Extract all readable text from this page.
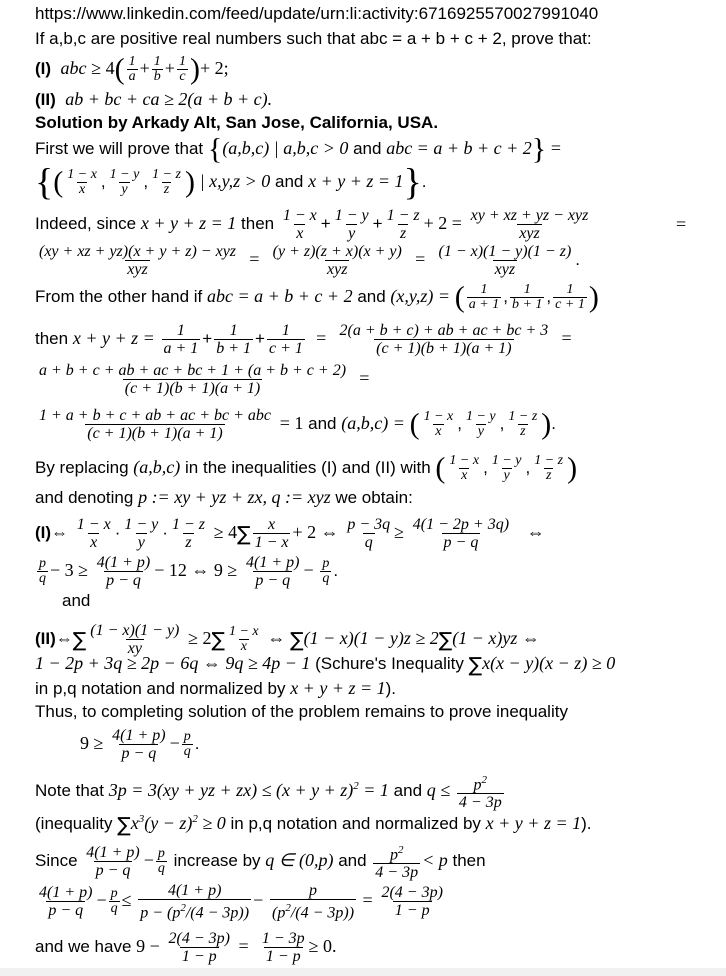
https://www.linkedin.com/feed/update/urn:li:activity:6716925570027991040
If a,b,c are positive real numbers such that abc = a + b + c + 2, prove that:
(I) abc ≥ $4( \frac{1}{a} + \frac{1}{b} + \frac{1}{c}$ )+ 2;
(II) ab + bc + ca ≥ 2(a + b + c).
Solution by Arkady Alt, San Jose, California, USA.
First we will prove that {(a,b,c) | a,b,c > 0 and abc = a + b + c + 2} =
{( $\frac{1 - x}{x}$ , $\frac{1 - y}{y}$ , $\frac{1 - z}{z}$ ) | x,y,z > 0 and x + y + z = 1}.
Indeed, since x + y + z = 1 then $\frac{1 - x}{x} + \frac{1 - y}{y} + \frac{1 - z}{z} + 2 = \frac{\text{xy + xz + yz − xyz}}{\text{xyz}}$	=
$\frac{\text{(xy + xz + yz)(x + y + z) − xyz}}{\text{xyz}} = \frac{(y + z)(z + x)(x + y)}{\text{xyz}} = \frac{(1 - x)(1 - y)(1 - z)}{\text{xyz}}$ .
From the other hand if abc = a + b + c + 2 and (x,y,z) = ( $\frac{1}{a + 1}$ , $\frac{1}{b + 1}$ , $\frac{1}{c + 1}$ )
then $x + y + z = \frac{1}{a + 1} + \frac{1}{b + 1} + \frac{1}{c + 1} = \frac{2(a + b + c) + ab + ac + bc + 3}{(c + 1)(b + 1)(a + 1)}$ =
$\frac{a + b + c + ab + ac + bc + 1 + (a + b + c + 2)}{(c + 1)(b + 1)(a + 1)}$ =
$\frac{\text{1 + a + b + c + ab + ac + bc + abc}}{(c + 1)(b + 1)(a + 1)} = 1$ and (a,b,c) = ( $\frac{1 - x}{x}$ , $\frac{1 - y}{y}$ , $\frac{1 - z}{z}$ ).
By replacing (a,b,c) in the inequalities (I) and (II) with ( $\frac{1 - x}{x}$ , $\frac{1 - y}{y}$ , $\frac{1 - z}{z}$ )
and denoting p := xy + yz + zx, q := xyz we obtain:
(I)⇔ $\frac{1 - x}{x} \cdot \frac{1 - y}{y} \cdot \frac{1 - z}{z} \ge 4\sum \frac{x}{1 - x} + 2$ ⇔ $\frac{p - 3q}{q} \ge \frac{4(1 - 2p + 3q)}{p - q}$ ⇔
$\frac{p}{q} - 3 \ge \frac{4(1 + p)}{p - q} - 12$ ⇔ $9 \ge \frac{4(1 + p)}{p - q} - \frac{p}{q}$ .
and
(II)⇔∑ $\frac{(1 - x)(1 - y)}{xy} \ge 2\sum \frac{1 - x}{x}$ ⇔ ∑(1 − x)(1 − y)z ≥ 2∑(1 − x)yz ⇔
1 − 2p + 3q ≥ 2p − 6q ⇔ 9q ≥ 4p − 1 (Schure's Inequality ∑x(x − y)(x − z) ≥ 0
in p,q notation and normalized by x + y + z = 1).
Thus, to completing solution of the problem remains to prove inequality
$9 \ge \frac{4(1 + p)}{p - q} - \frac{p}{q}$ .
Note that 3p = 3(xy + yz + $zx) \le (x + y + z)^2 = 1$ and $q \le \frac{p^2}{4 - 3p}$
(inequality $\sum x^3(y - z)^2 \ge 0$ in p,q notation and normalized by x + y + z = 1).
Since $\frac{4(1 + p)}{p - q} - \frac{p}{q}$ increase by q ∈ (0,p) and $\frac{p^2}{4 - 3p} < p$ then
$\frac{4(1 + p)}{p - q} - \frac{p}{q} \le \frac{4(1 + p)}{p - (p^2/(4 - 3p))} - \frac{p}{(p^2/(4 - 3p))} = \frac{2(4 - 3p)}{1 - p}$
and we have $9 - \frac{2(4 - 3p)}{1 - p} = \frac{1 - 3p}{1 - p} \ge 0$.
